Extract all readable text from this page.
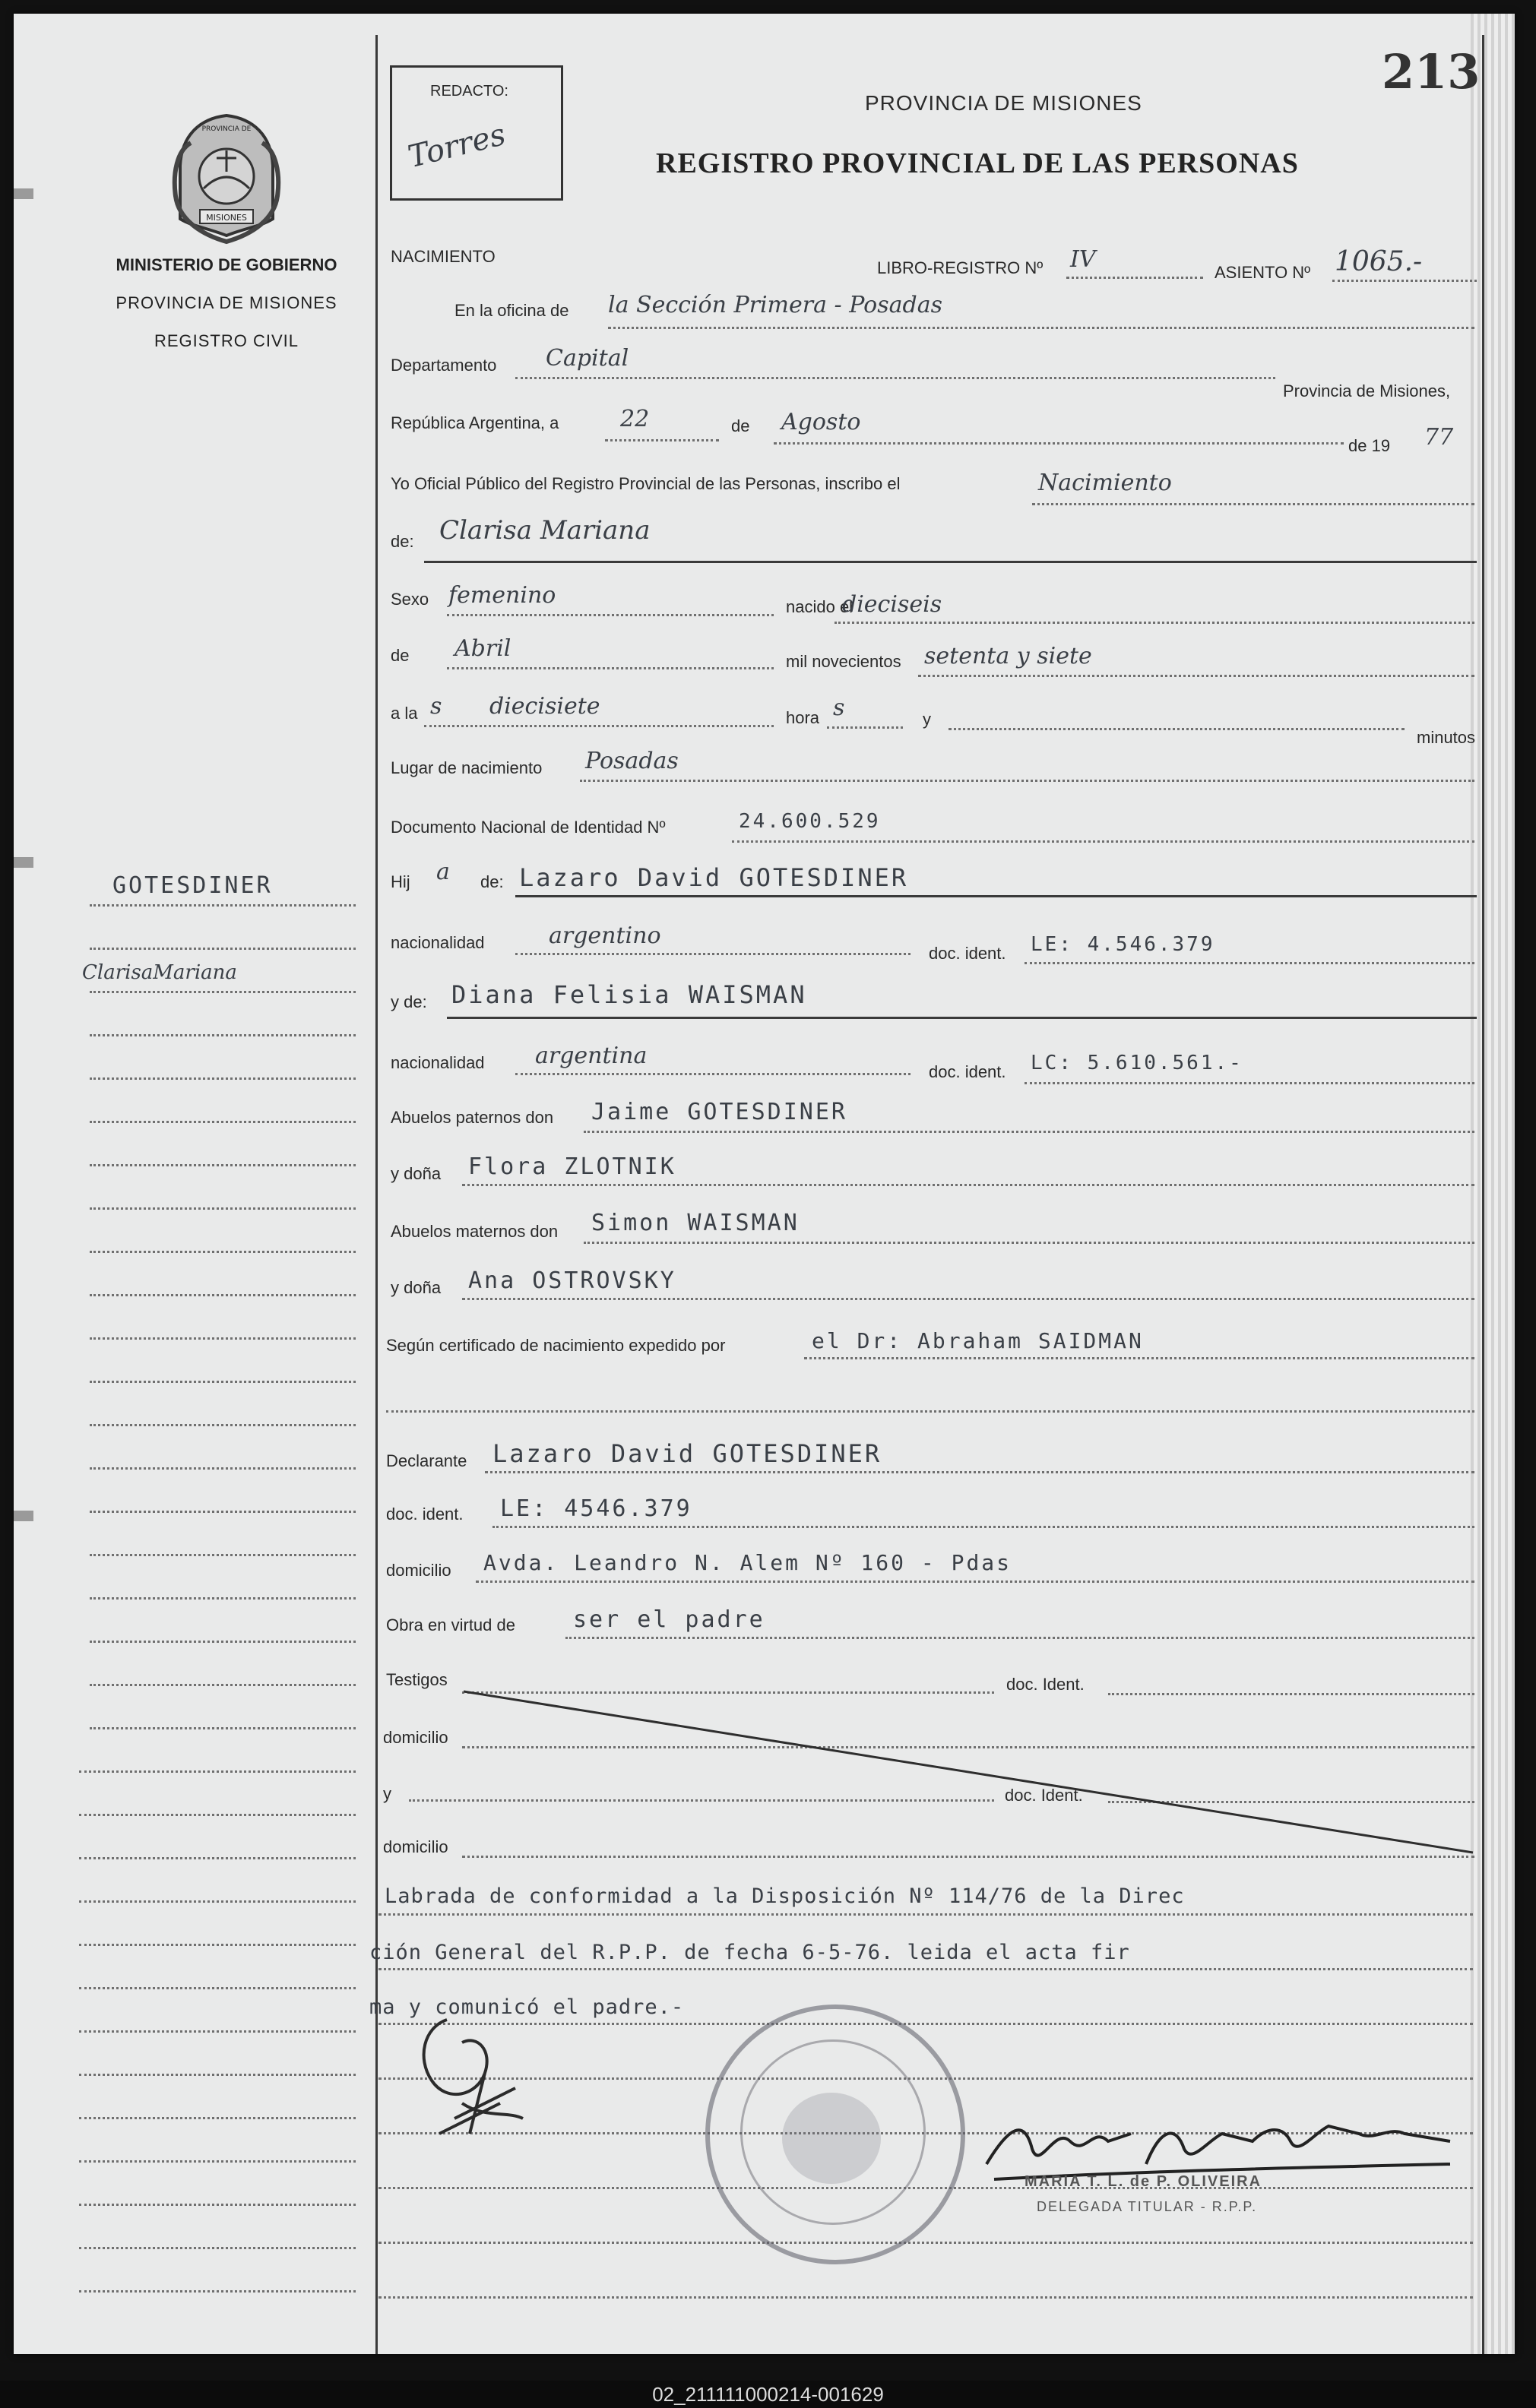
213
REDACTO:
Torres
PROVINCIA DE MISIONES
REGISTRO PROVINCIAL DE LAS PERSONAS
PROVINCIA DE
MISIONES
MINISTERIO DE GOBIERNO
PROVINCIA DE MISIONES
REGISTRO CIVIL
GOTESDINER
ClarisaMariana
NACIMIENTO
LIBRO-REGISTRO Nº IV	ASIENTO Nº 1065.-
En la oficina de la Sección Primera - Posadas
Departamento Capital
Provincia de Misiones,
República Argentina, a	22	de Agosto
de 19 77
Yo Oficial Público del Registro Provincial de las Personas, inscribo el	Nacimiento
de: Clarisa Mariana
Sexo femenino	nacido el
dieciseis
de Abril	mil novecientos setenta y siete
a la s diecisiete	hora s	y
minutos
Lugar de nacimiento Posadas
Documento Nacional de Identidad Nº	24.600.529
Hij a de: Lazaro David GOTESDINER
nacionalidad	argentino
doc. ident. LE: 4.546.379
y de: Diana Felisia WAISMAN
nacionalidad argentina
doc. ident. LC: 5.610.561.-
Abuelos paternos don Jaime GOTESDINER
y doña Flora ZLOTNIK
Abuelos maternos don Simon WAISMAN
y doña Ana OSTROVSKY
Según certificado de nacimiento expedido por	el Dr: Abraham SAIDMAN
Declarante Lazaro David GOTESDINER
doc. ident. LE: 4546.379
domicilio Avda. Leandro N. Alem Nº 160 - Pdas
Obra en virtud de	ser el padre
Testigos	doc. Ident.
domicilio
y	doc. Ident.
domicilio
Labrada de conformidad a la Disposición Nº 114/76 de la Direc
ción General del R.P.P. de fecha 6-5-76. leida el acta fir
ma y comunicó el padre.-
MARIA T. L. de P. OLIVEIRA
DELEGADA TITULAR - R.P.P.
02_211111000214-001629
